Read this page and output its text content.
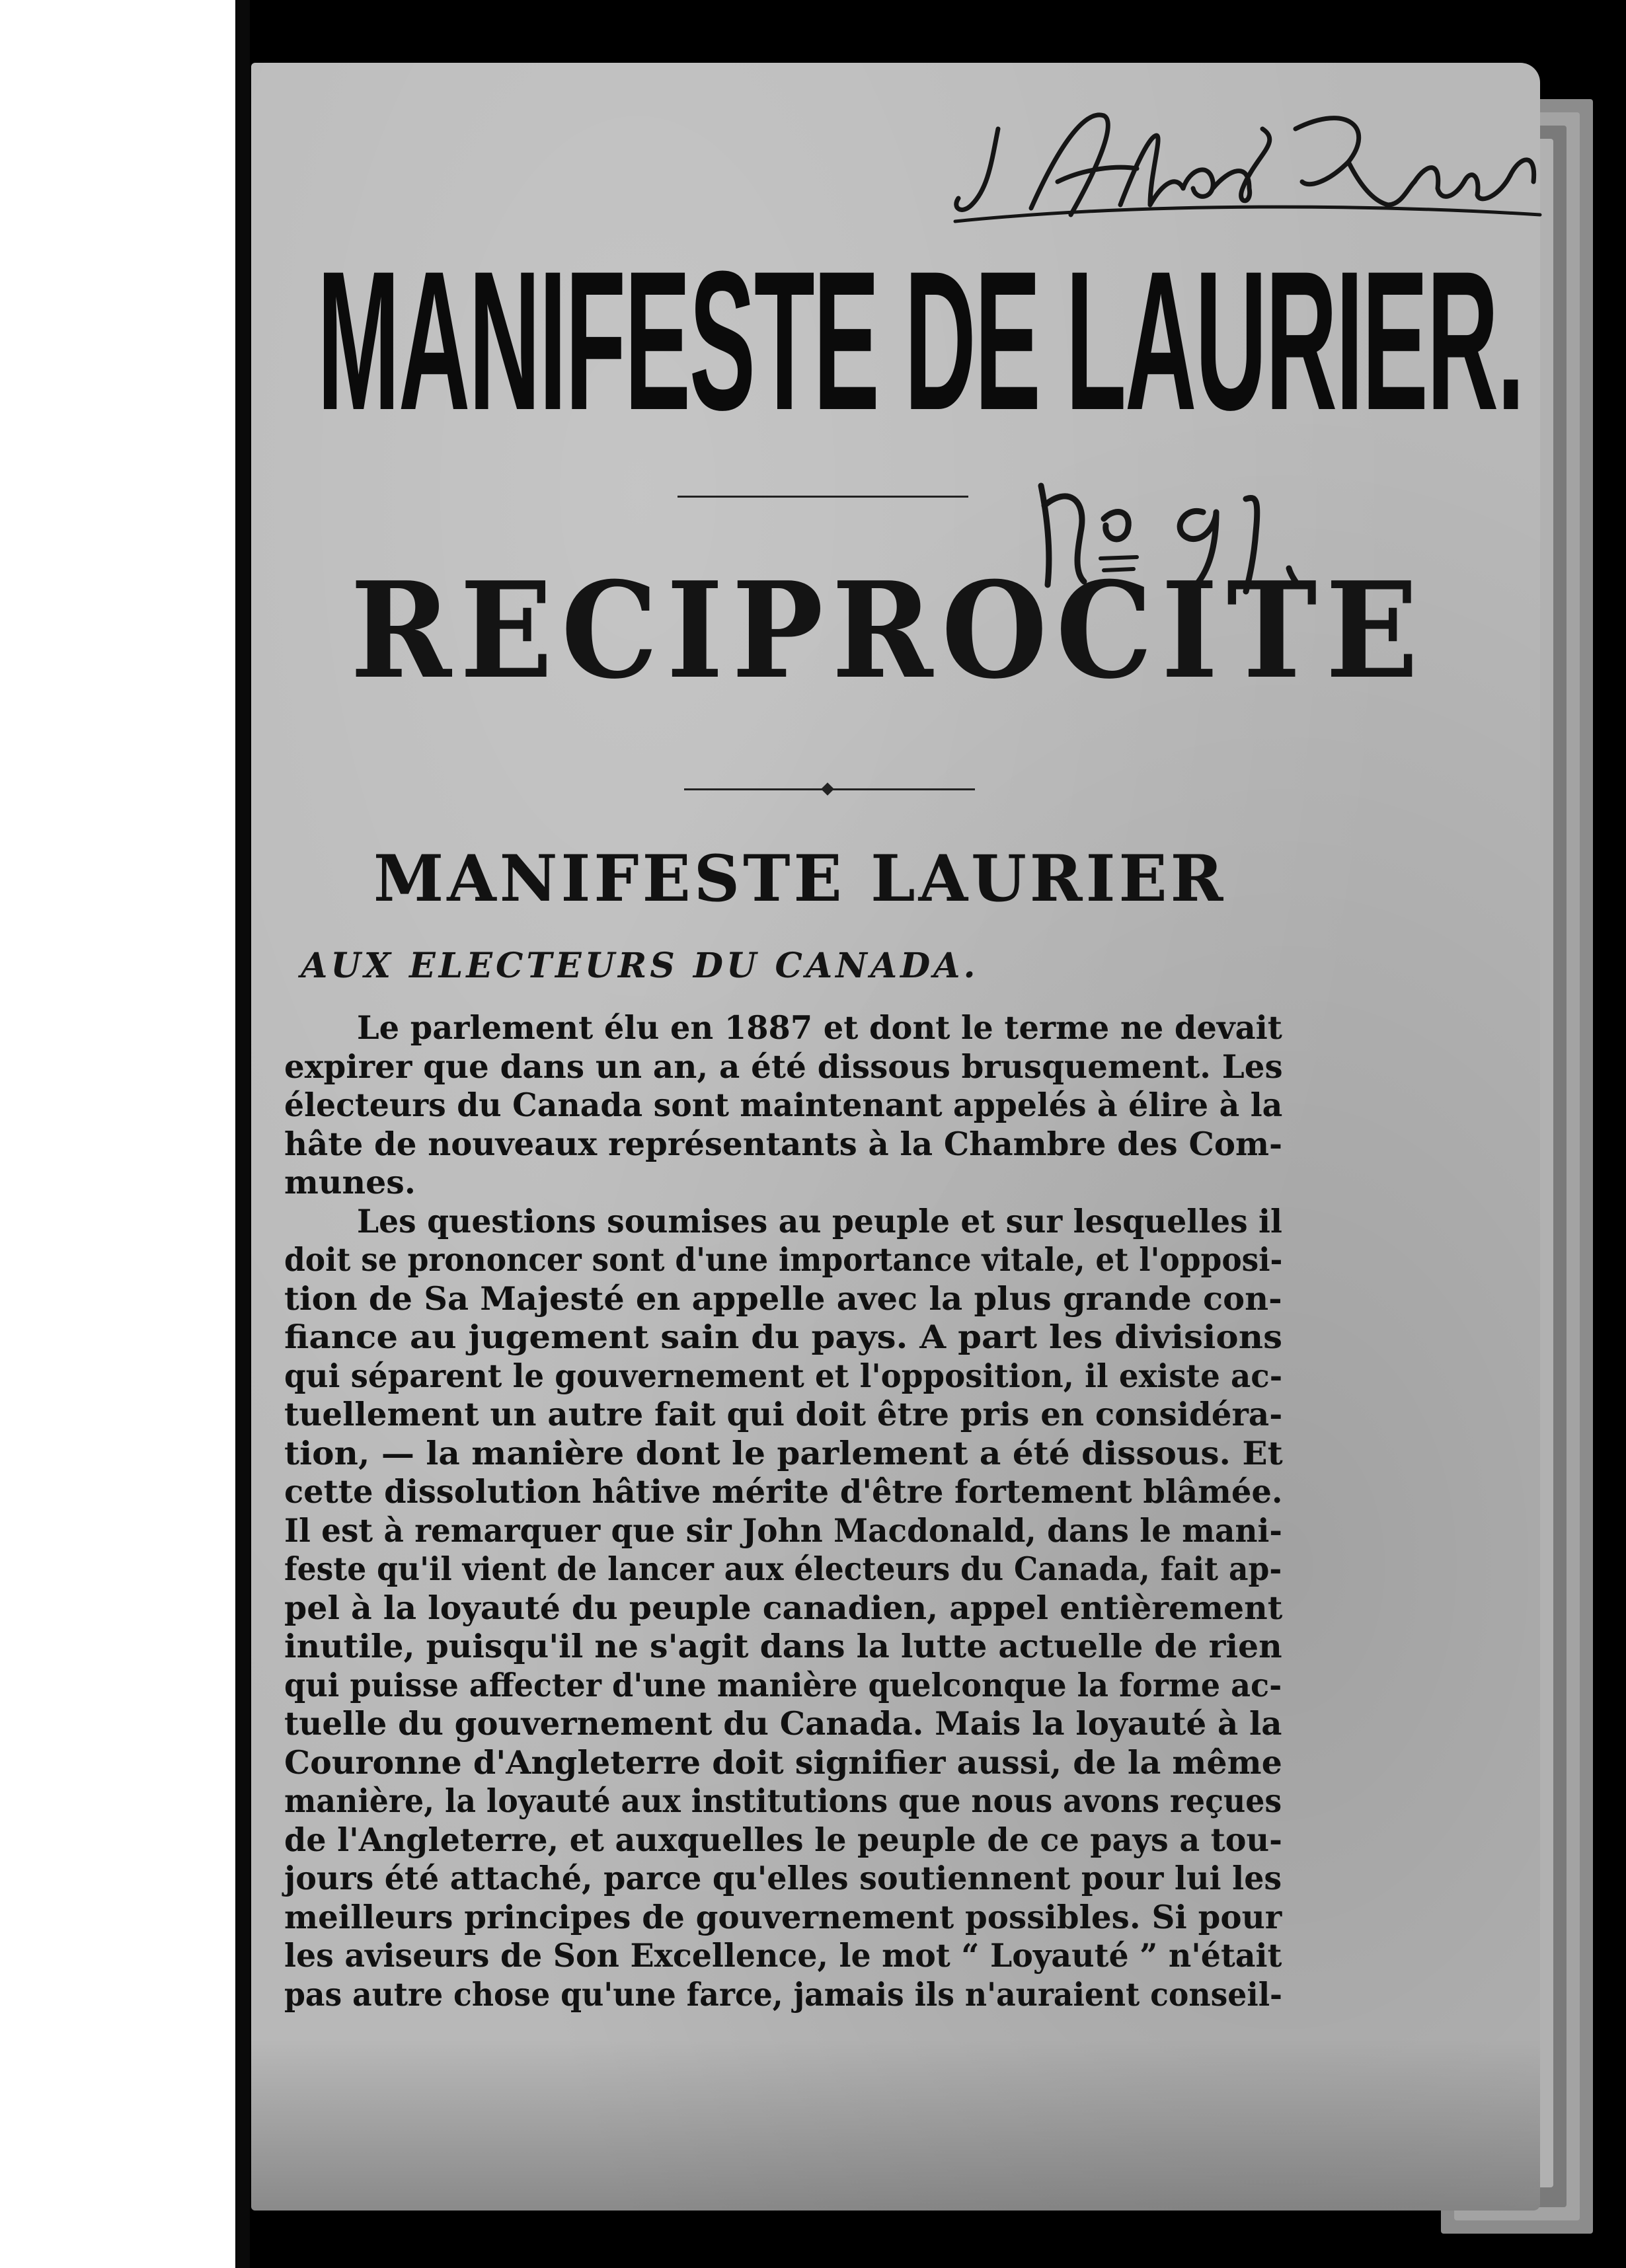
MANIFESTE DE LAURIER.
RECIPROCITE
MANIFESTE LAURIER
AUX ELECTEURS DU CANADA.
Le parlement élu en 1887 et dont le terme ne devait
expirer que dans un an, a été dissous brusquement. Les
électeurs du Canada sont maintenant appelés à élire à la
hâte de nouveaux représentants à la Chambre des Com-
munes.
Les questions soumises au peuple et sur lesquelles il
doit se prononcer sont d'une importance vitale, et l'opposi-
tion de Sa Majesté en appelle avec la plus grande con-
fiance au jugement sain du pays. A part les divisions
qui séparent le gouvernement et l'opposition, il existe ac-
tuellement un autre fait qui doit être pris en considéra-
tion, — la manière dont le parlement a été dissous. Et
cette dissolution hâtive mérite d'être fortement blâmée.
Il est à remarquer que sir John Macdonald, dans le mani-
feste qu'il vient de lancer aux électeurs du Canada, fait ap-
pel à la loyauté du peuple canadien, appel entièrement
inutile, puisqu'il ne s'agit dans la lutte actuelle de rien
qui puisse affecter d'une manière quelconque la forme ac-
tuelle du gouvernement du Canada. Mais la loyauté à la
Couronne d'Angleterre doit signifier aussi, de la même
manière, la loyauté aux institutions que nous avons reçues
de l'Angleterre, et auxquelles le peuple de ce pays a tou-
jours été attaché, parce qu'elles soutiennent pour lui les
meilleurs principes de gouvernement possibles. Si pour
les aviseurs de Son Excellence, le mot “ Loyauté ” n'était
pas autre chose qu'une farce, jamais ils n'auraient conseil-
